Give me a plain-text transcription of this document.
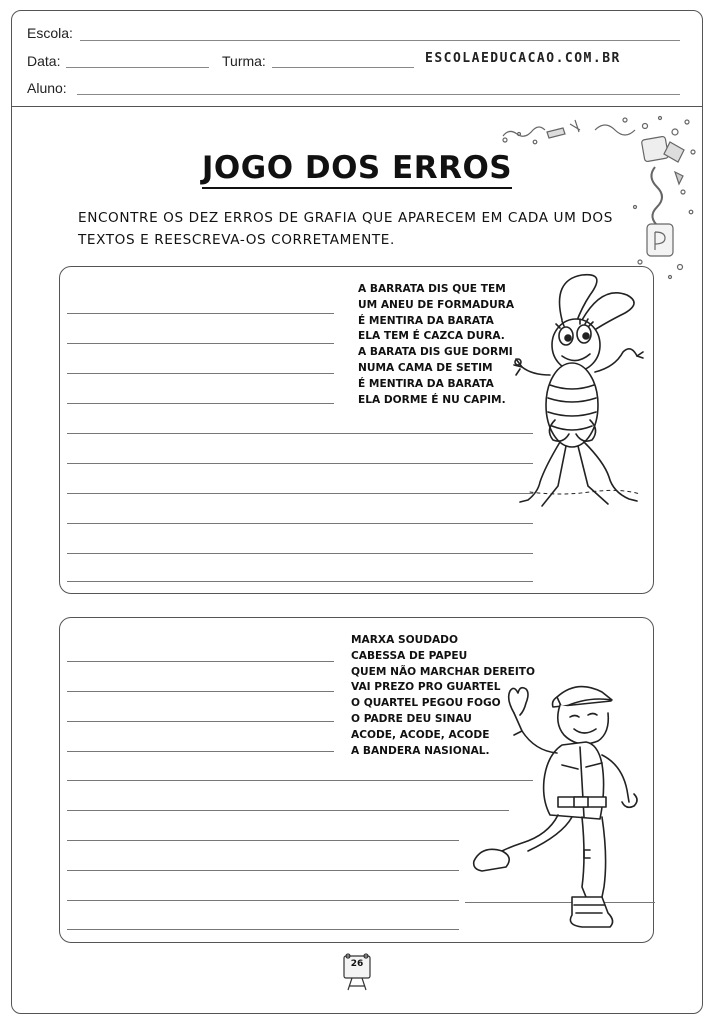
Escola:
Data:	Turma:	ESCOLAEDUCACAO.COM.BR
Aluno:
JOGO DOS ERROS
ENCONTRE OS DEZ ERROS DE GRAFIA QUE APARECEM EM CADA UM DOS TEXTOS E REESCREVA-OS CORRETAMENTE.
A BARRATA DIS QUE TEM
UM ANEU DE FORMADURA
É MENTIRA DA BARATA
ELA TEM É CAZCA DURA.
A BARATA DIS GUE DORMI
NUMA CAMA DE SETIM
É MENTIRA DA BARATA
ELA DORME É NU CAPIM.
MARXA SOUDADO
CABESSA DE PAPEU
QUEM NÃO MARCHAR DEREITO
VAI PREZO PRO GUARTEL
O QUARTEL PEGOU FOGO
O PADRE DEU SINAU
ACODE, ACODE, ACODE
A BANDERA NASIONAL.
26
